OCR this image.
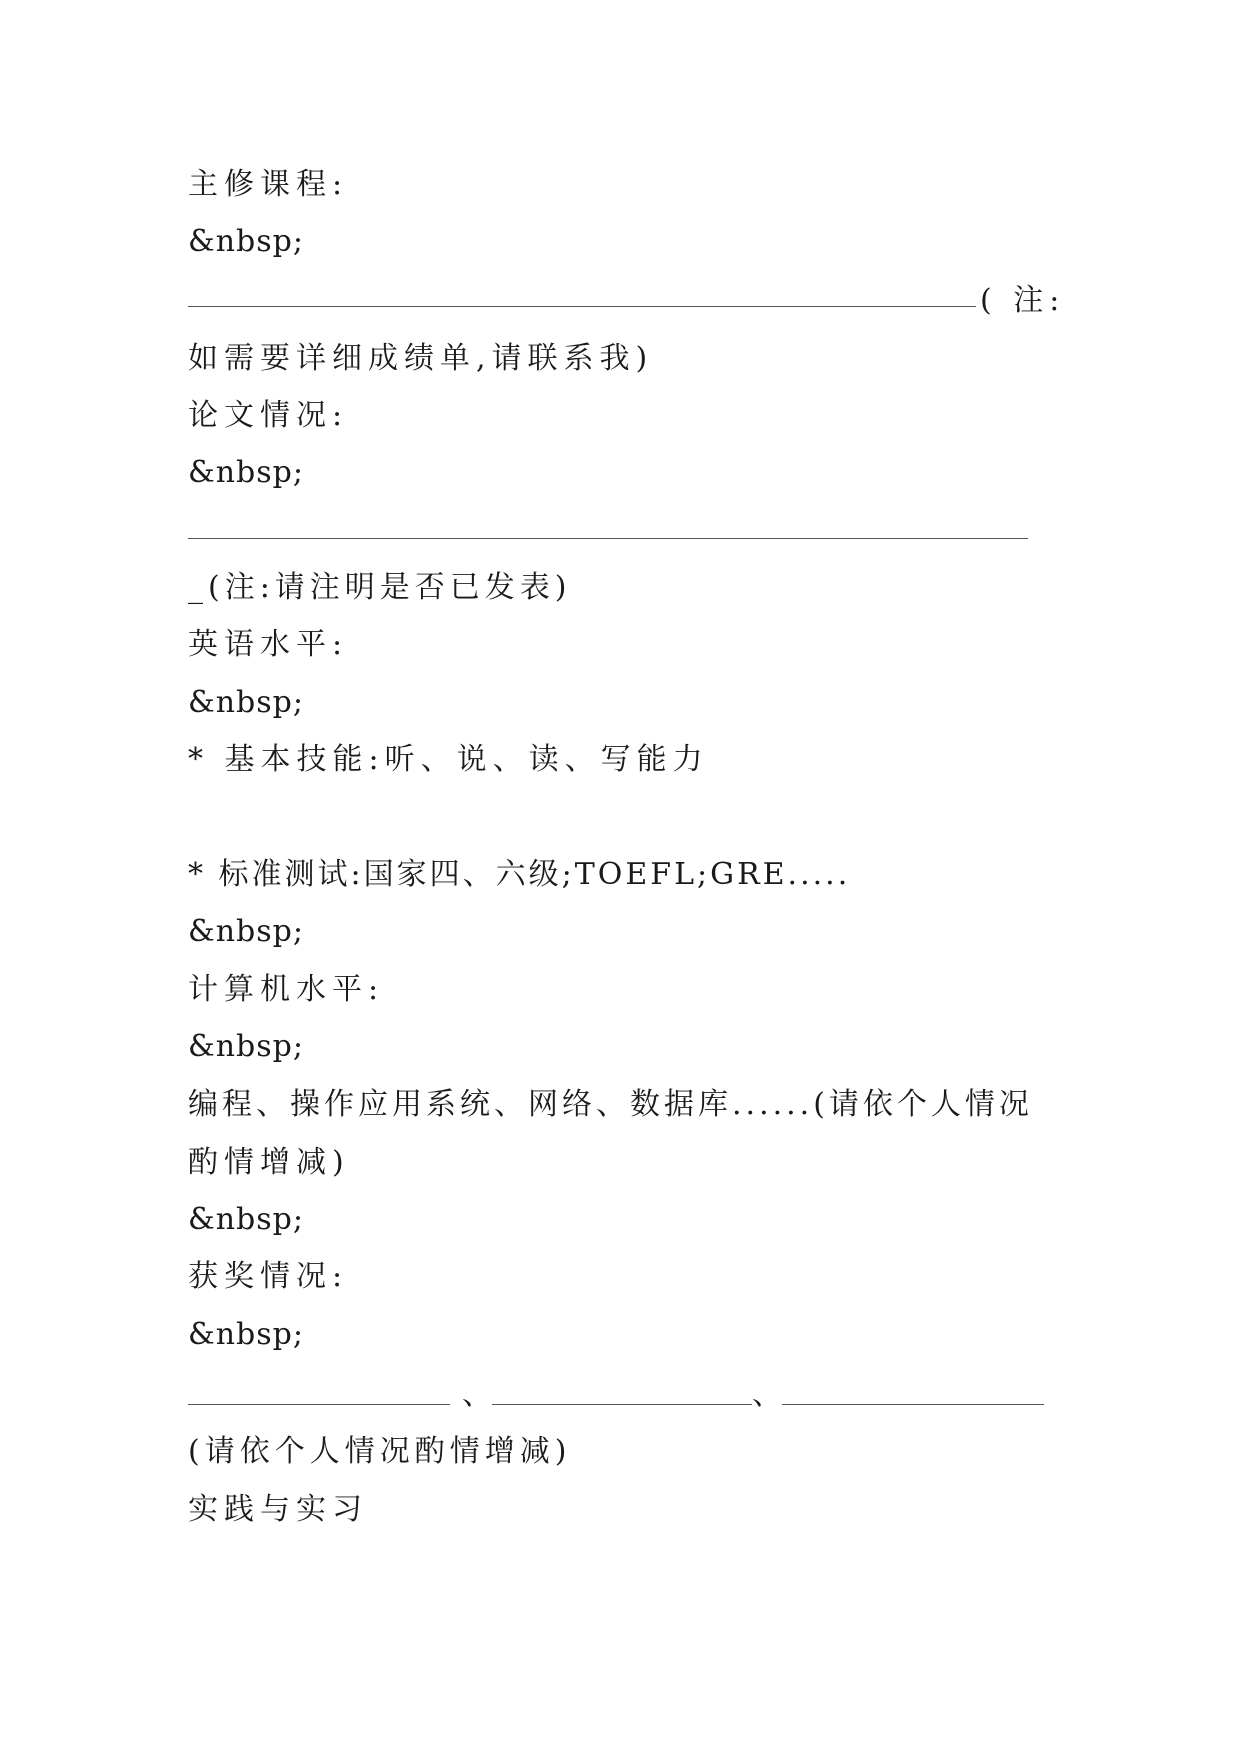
主修课程:

&nbsp;

( 注:

如需要详细成绩单,请联系我)

论文情况:

&nbsp;

_(注:请注明是否已发表)

英语水平:

&nbsp;

* 基本技能:听、说、读、写能力

* 标准测试:国家四、六级;TOEFL;GRE.....

&nbsp;

计算机水平:

&nbsp;

编程、操作应用系统、网络、数据库......(请依个人情况

酌情增减)

&nbsp;

获奖情况:

&nbsp;

、	、

(请依个人情况酌情增减)

实践与实习
